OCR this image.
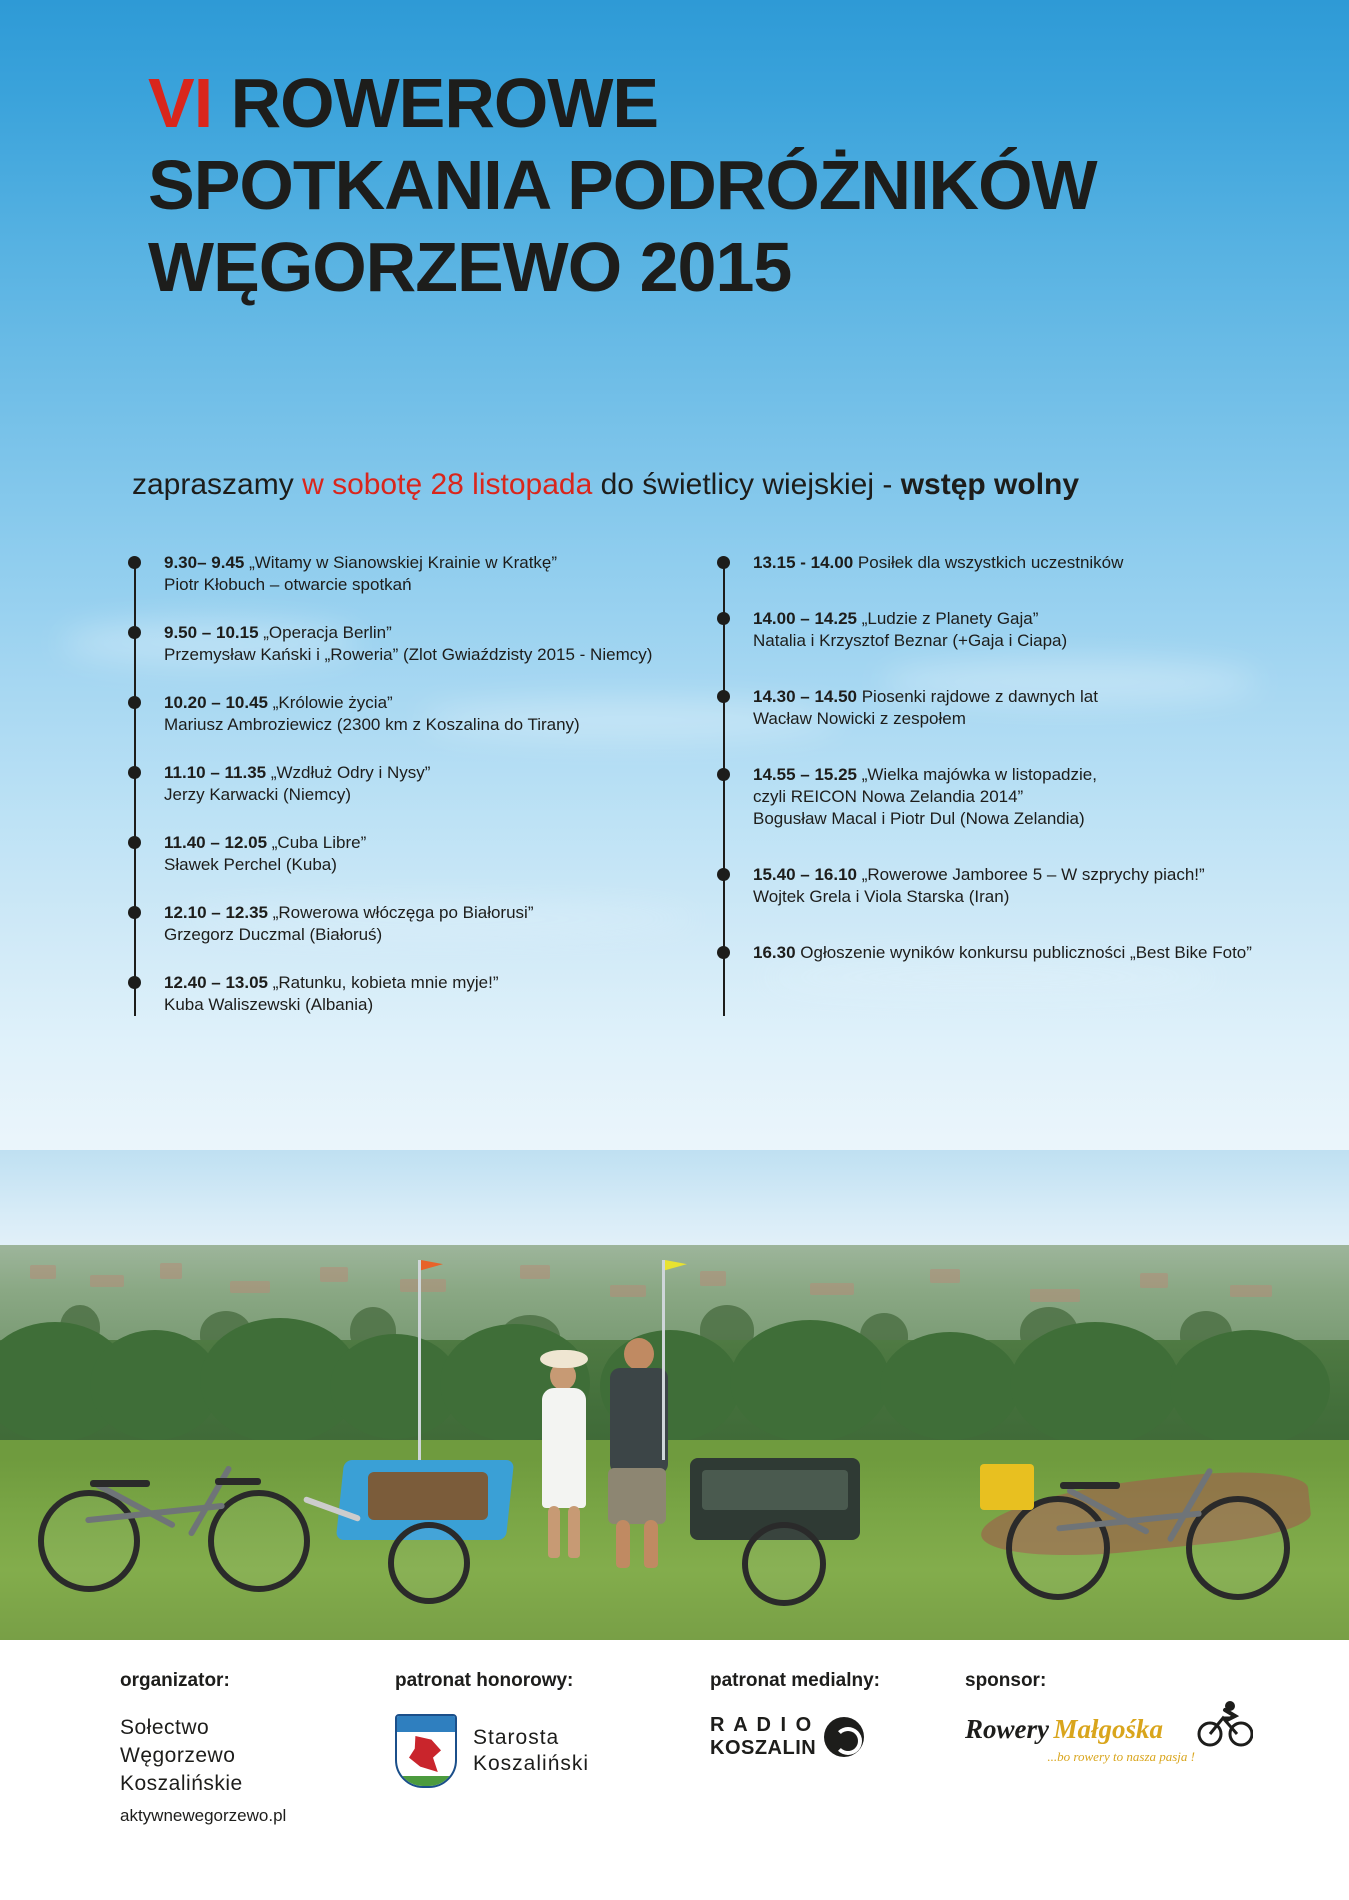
VI ROWEROWE
SPOTKANIA PODRÓŻNIKÓW
WĘGORZEWO 2015
zapraszamy w sobotę 28 listopada do świetlicy wiejskiej - wstęp wolny
9.30– 9.45 „Witamy w Sianowskiej Krainie w Kratkę”
Piotr Kłobuch – otwarcie spotkań
9.50 – 10.15 „Operacja Berlin”
Przemysław Kański i „Roweria” (Zlot Gwiaździsty 2015 - Niemcy)
10.20 – 10.45 „Królowie życia”
Mariusz Ambroziewicz (2300 km z Koszalina do Tirany)
11.10 – 11.35 „Wzdłuż Odry i Nysy”
Jerzy Karwacki (Niemcy)
11.40 – 12.05 „Cuba Libre”
Sławek Perchel (Kuba)
12.10 – 12.35 „Rowerowa włóczęga po Białorusi”
Grzegorz Duczmal (Białoruś)
12.40 – 13.05 „Ratunku, kobieta mnie myje!”
Kuba Waliszewski (Albania)
13.15 - 14.00 Posiłek dla wszystkich uczestników
14.00 – 14.25 „Ludzie z Planety Gaja”
Natalia i Krzysztof Beznar (+Gaja i Ciapa)
14.30 – 14.50 Piosenki rajdowe z dawnych lat
Wacław Nowicki z zespołem
14.55 – 15.25 „Wielka majówka w listopadzie,
czyli REICON Nowa Zelandia 2014”
Bogusław Macal i Piotr Dul (Nowa Zelandia)
15.40 – 16.10 „Rowerowe Jamboree 5 – W szprychy piach!”
Wojtek Grela i Viola Starska (Iran)
16.30 Ogłoszenie wyników konkursu publiczności „Best Bike Foto”
organizator:
Sołectwo
Węgorzewo
Koszalińskie
aktywnewegorzewo.pl
patronat honorowy:
Starosta
Koszaliński
patronat medialny:
R A D I O
KOSZALIN
sponsor:
Rowery Małgośka
...bo rowery to nasza pasja !
